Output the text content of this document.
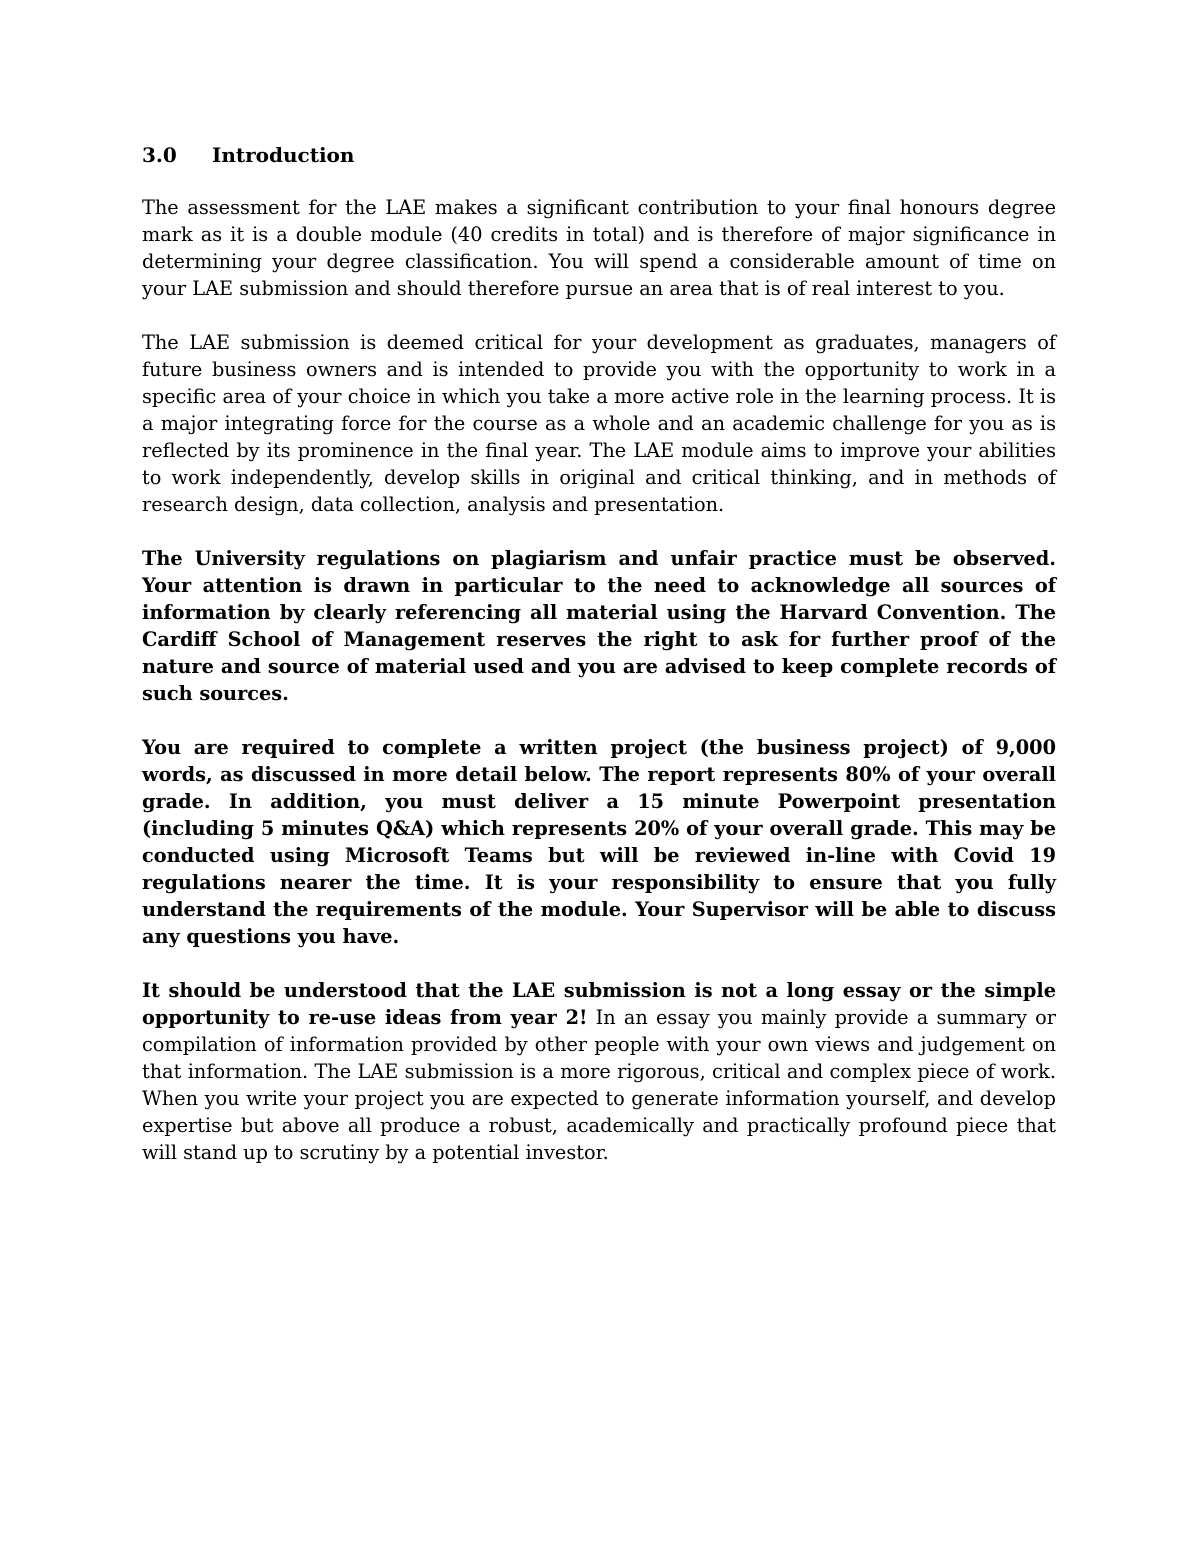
3.0	Introduction

The assessment for the LAE makes a significant contribution to your final honours degree mark as it is a double module (40 credits in total) and is therefore of major significance in determining your degree classification. You will spend a considerable amount of time on your LAE submission and should therefore pursue an area that is of real interest to you.

The LAE submission is deemed critical for your development as graduates, managers of future business owners and is intended to provide you with the opportunity to work in a specific area of your choice in which you take a more active role in the learning process. It is a major integrating force for the course as a whole and an academic challenge for you as is reflected by its prominence in the final year. The LAE module aims to improve your abilities to work independently, develop skills in original and critical thinking, and in methods of research design, data collection, analysis and presentation.

The University regulations on plagiarism and unfair practice must be observed. Your attention is drawn in particular to the need to acknowledge all sources of information by clearly referencing all material using the Harvard Convention. The Cardiff School of Management reserves the right to ask for further proof of the nature and source of material used and you are advised to keep complete records of such sources.

You are required to complete a written project (the business project) of 9,000 words, as discussed in more detail below. The report represents 80% of your overall grade. In addition, you must deliver a 15 minute Powerpoint presentation (including 5 minutes Q&A) which represents 20% of your overall grade. This may be conducted using Microsoft Teams but will be reviewed in-line with Covid 19 regulations nearer the time. It is your responsibility to ensure that you fully understand the requirements of the module. Your Supervisor will be able to discuss any questions you have.

It should be understood that the LAE submission is not a long essay or the simple opportunity to re-use ideas from year 2! In an essay you mainly provide a summary or compilation of information provided by other people with your own views and judgement on that information. The LAE submission is a more rigorous, critical and complex piece of work. When you write your project you are expected to generate information yourself, and develop expertise but above all produce a robust, academically and practically profound piece that will stand up to scrutiny by a potential investor.
